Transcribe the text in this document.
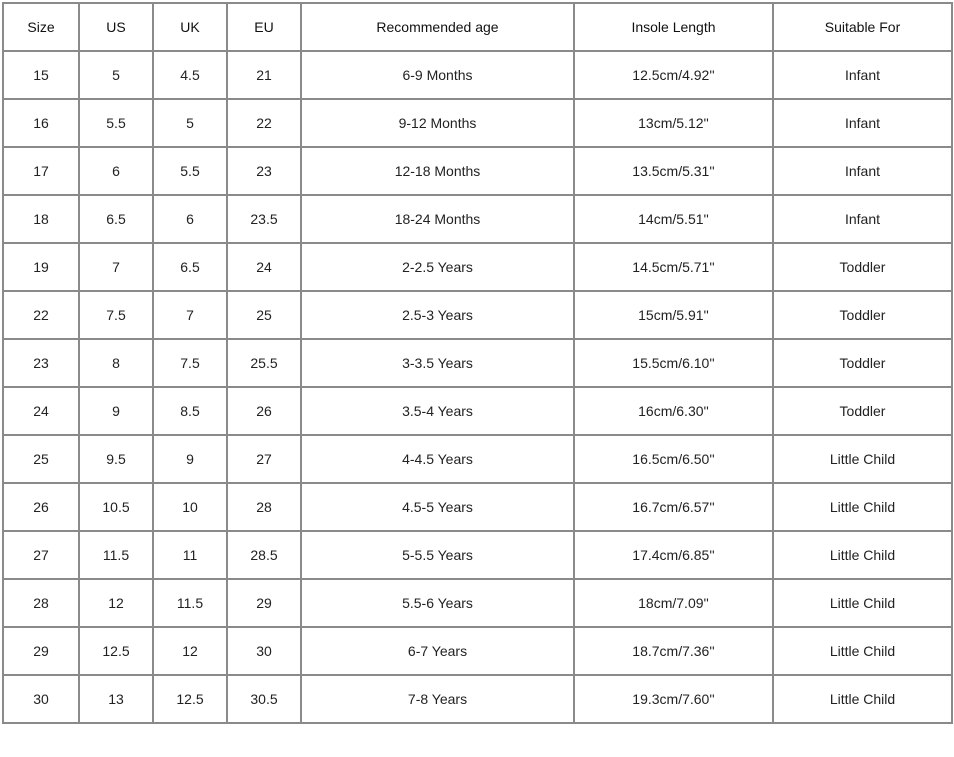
Size	US	UK	EU	Recommended age	Insole Length	Suitable For
15	5	4.5	21	6-9 Months	12.5cm/4.92''	Infant
16	5.5	5	22	9-12 Months	13cm/5.12''	Infant
17	6	5.5	23	12-18 Months	13.5cm/5.31''	Infant
18	6.5	6	23.5	18-24 Months	14cm/5.51''	Infant
19	7	6.5	24	2-2.5 Years	14.5cm/5.71''	Toddler
22	7.5	7	25	2.5-3 Years	15cm/5.91''	Toddler
23	8	7.5	25.5	3-3.5 Years	15.5cm/6.10''	Toddler
24	9	8.5	26	3.5-4 Years	16cm/6.30''	Toddler
25	9.5	9	27	4-4.5 Years	16.5cm/6.50''	Little Child
26	10.5	10	28	4.5-5 Years	16.7cm/6.57''	Little Child
27	11.5	11	28.5	5-5.5 Years	17.4cm/6.85''	Little Child
28	12	11.5	29	5.5-6 Years	18cm/7.09''	Little Child
29	12.5	12	30	6-7 Years	18.7cm/7.36''	Little Child
30	13	12.5	30.5	7-8 Years	19.3cm/7.60''	Little Child
